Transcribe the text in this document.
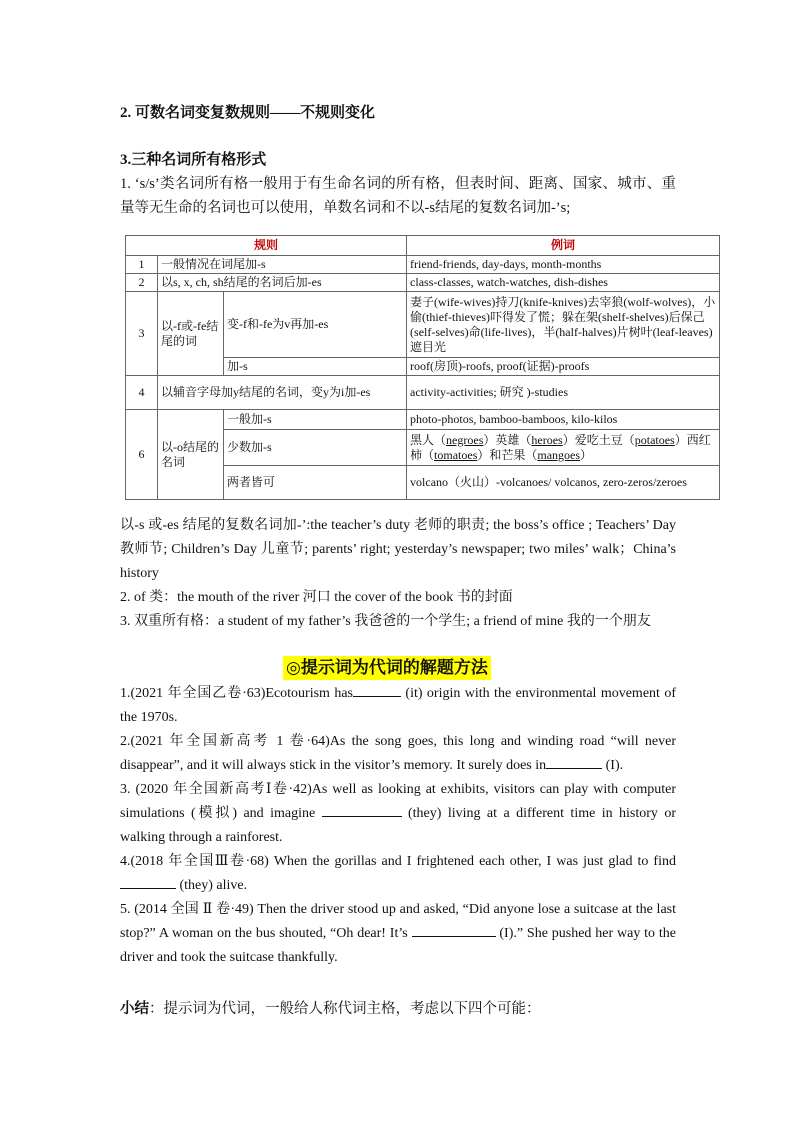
2. 可数名词变复数规则——不规则变化
3.三种名词所有格形式
1. ‘s/s’类名词所有格一般用于有生命名词的所有格，但表时间、距离、国家、城市、重量等无生命的名词也可以使用，单数名词和不以-s结尾的复数名词加-’s;
规则			例词
1	一般情况在词尾加-s		friend-friends, day-days, month-months
2	以s, x, ch, sh结尾的名词后加-es		class-classes, watch-watches, dish-dishes
3	以-f或-fe结尾的词	变-f和-fe为v再加-es	妻子(wife-wives)持刀(knife-knives)去宰狼(wolf-wolves)，小偷(thief-thieves)吓得发了慌；躲在架(shelf-shelves)后保己(self-selves)命(life-lives)，半(half-halves)片树叶(leaf-leaves)遮目光
		加-s	roof(房顶)-roofs, proof(证据)-proofs
4	以辅音字母加y结尾的名词，变y为i加-es		activity-activities; 研究 )-studies
6	以-o结尾的名词	一般加-s	photo-photos, bamboo-bamboos, kilo-kilos
		少数加-s	黑人（negroes）英雄（heroes）爱吃土豆（potatoes）西红柿（tomatoes）和芒果（mangoes）
		两者皆可	volcano（火山）-volcanoes/ volcanos, zero-zeros/zeroes
以-s 或-es 结尾的复数名词加-’:the teacher’s duty 老师的职责; the boss’s office ; Teachers’ Day 教师节; Children’s Day 儿童节; parents’ right; yesterday’s newspaper; two miles’ walk；China’s history
2. of 类：the mouth of the river 河口 the cover of the book 书的封面
3. 双重所有格：a student of my father’s 我爸爸的一个学生; a friend of mine 我的一个朋友
◎提示词为代词的解题方法
1.(2021 年全国乙卷·63)Ecotourism has	(it) origin with the environmental movement of the 1970s.
2.(2021 年全国新高考 1 卷·64)As the song goes, this long and winding road “will never disappear”, and it will always stick in the visitor’s memory. It surely does in	(I).
3. (2020 年全国新高考Ⅰ卷·42)As well as looking at exhibits, visitors can play with computer simulations (模拟) and imagine	(they) living at a different time in history or walking through a rainforest.
4.(2018 年全国Ⅲ卷·68) When the gorillas and I frightened each other, I was just glad to find  (they) alive.
5. (2014 全国 Ⅱ 卷·49) Then the driver stood up and asked, “Did anyone lose a suitcase at the last stop?” A woman on the bus shouted, “Oh dear! It’s	(I).” She pushed her way to the driver and took the suitcase thankfully.
小结：提示词为代词，一般给人称代词主格，考虑以下四个可能：
